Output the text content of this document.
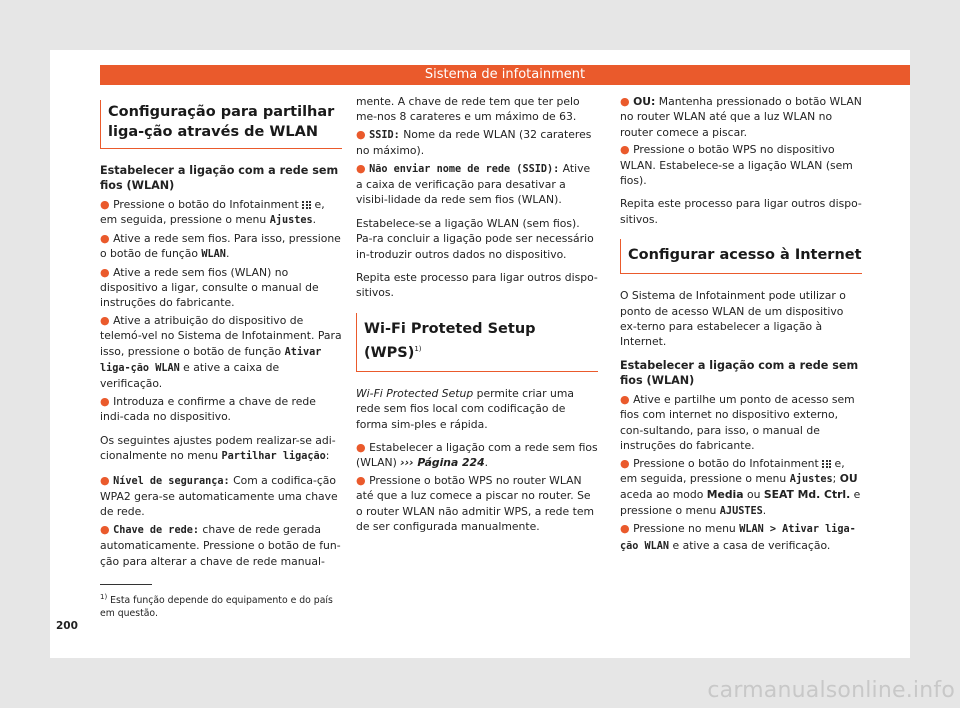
Sistema de infotainment
Configuração para partilhar liga-ção através de WLAN
Estabelecer a ligação com a rede sem fios (WLAN)

● Pressione o botão do Infotainment  e, em seguida, pressione o menu Ajustes.

● Ative a rede sem fios. Para isso, pressione o botão de função WLAN.

● Ative a rede sem fios (WLAN) no dispositivo a ligar, consulte o manual de instruções do fabricante.

● Ative a atribuição do dispositivo de telemó-vel no Sistema de Infotainment. Para isso, pressione o botão de função Ativar liga-ção WLAN e ative a caixa de verificação.

● Introduza e confirme a chave de rede indi-cada no dispositivo.

Os seguintes ajustes podem realizar-se adi-cionalmente no menu Partilhar ligação:

● Nível de segurança: Com a codifica-ção WPA2 gera-se automaticamente uma chave de rede.

● Chave de rede: chave de rede gerada automaticamente. Pressione o botão de fun-ção para alterar a chave de rede manual-

mente. A chave de rede tem que ter pelo me-nos 8 carateres e um máximo de 63.

● SSID: Nome da rede WLAN (32 carateres no máximo).

● Não enviar nome de rede (SSID): Ative a caixa de verificação para desativar a visibi-lidade da rede sem fios (WLAN).

Estabelece-se a ligação WLAN (sem fios). Pa-ra concluir a ligação pode ser necessário in-troduzir outros dados no dispositivo.

Repita este processo para ligar outros dispo-sitivos.

Wi-Fi Proteted Setup (WPS)$^{1)}$

Wi-Fi Protected Setup permite criar uma rede sem fios local com codificação de forma sim-ples e rápida.

● Estabelecer a ligação com a rede sem fios (WLAN) ››› Página 224.

● Pressione o botão WPS no router WLAN até que a luz comece a piscar no router. Se o router WLAN não admitir WPS, a rede tem de ser configurada manualmente.

● OU: Mantenha pressionado o botão WLAN no router WLAN até que a luz WLAN no router comece a piscar.

● Pressione o botão WPS no dispositivo WLAN. Estabelece-se a ligação WLAN (sem fios).

Repita este processo para ligar outros dispo-sitivos.

Configurar acesso à Internet

O Sistema de Infotainment pode utilizar o ponto de acesso WLAN de um dispositivo ex-terno para estabelecer a ligação à Internet.

Estabelecer a ligação com a rede sem fios (WLAN)

● Ative e partilhe um ponto de acesso sem fios com internet no dispositivo externo, con-sultando, para isso, o manual de instruções do fabricante.

● Pressione o botão do Infotainment  e, em seguida, pressione o menu Ajustes; OU aceda ao modo Media ou SEAT Md. Ctrl. e pressione o menu AJUSTES.

● Pressione no menu WLAN > Ativar liga-ção WLAN e ative a casa de verificação.

$^{1)}$ Esta função depende do equipamento e do país em questão.
200
carmanualsonline.info
